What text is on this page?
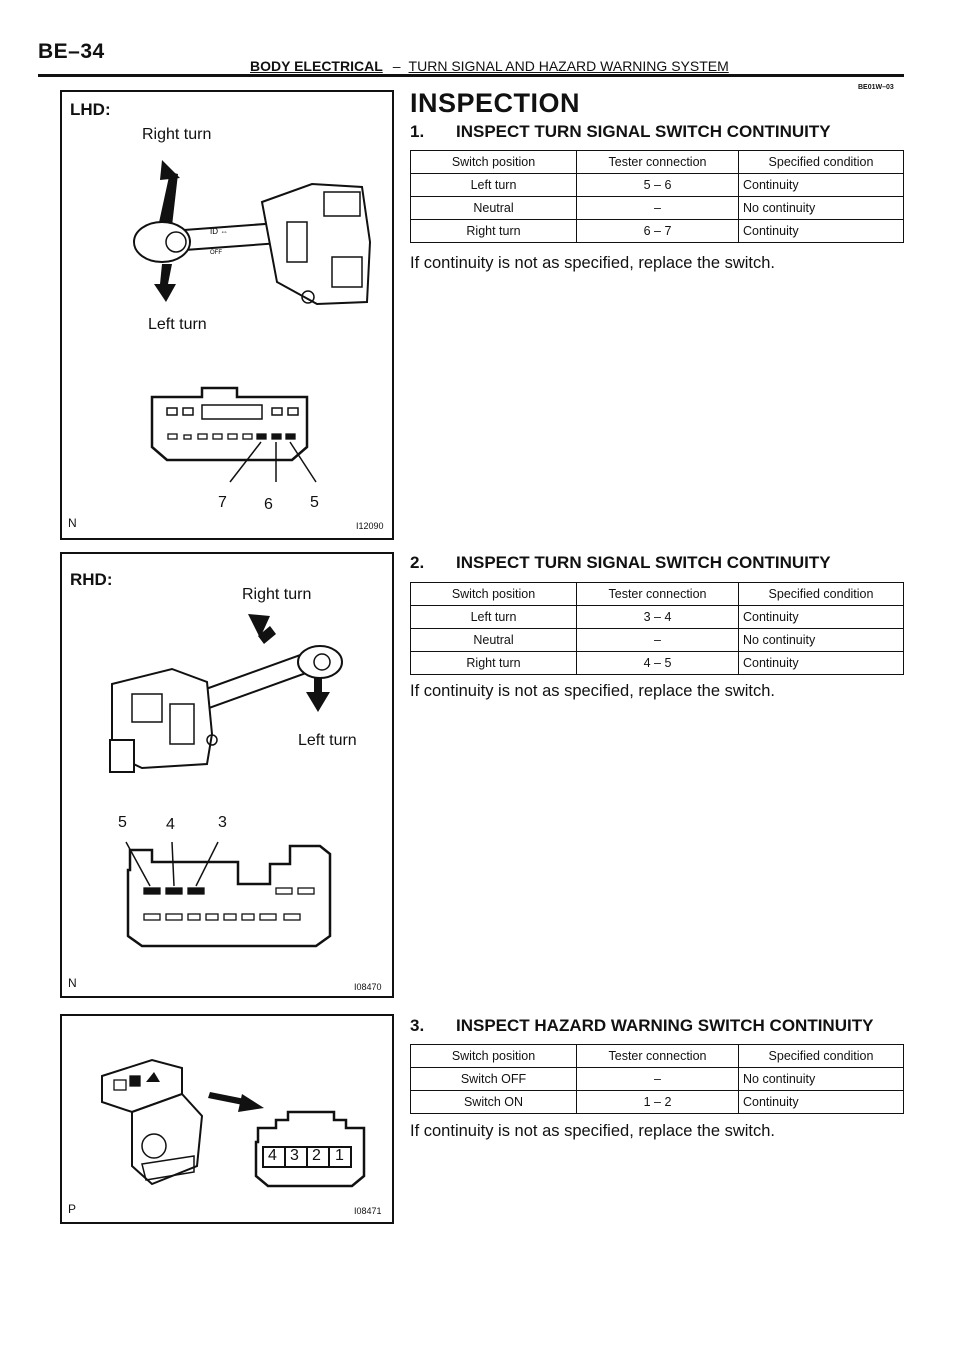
BE–34
BODY ELECTRICAL – TURN SIGNAL AND HAZARD WARNING SYSTEM
BE01W–03
ID ⇔
OFF
LHD:
Right turn
Left turn
7 6 5
N	I12090
RHD:
Right turn
Left turn
5 4	3
N	I08470
4 3 2 1
P	I08471
INSPECTION
1. INSPECT TURN SIGNAL SWITCH CONTINUITY
Switch position	Tester connection	Specified condition
Left turn	5 – 6	Continuity
Neutral	–	No continuity
Right turn	6 – 7	Continuity
If continuity is not as specified, replace the switch.
2. INSPECT TURN SIGNAL SWITCH CONTINUITY
Switch position	Tester connection	Specified condition
Left turn	3 – 4	Continuity
Neutral	–	No continuity
Right turn	4 – 5	Continuity
If continuity is not as specified, replace the switch.
3. INSPECT HAZARD WARNING SWITCH CONTINUITY
Switch position	Tester connection	Specified condition
Switch OFF	–	No continuity
Switch ON	1 – 2	Continuity
If continuity is not as specified, replace the switch.
